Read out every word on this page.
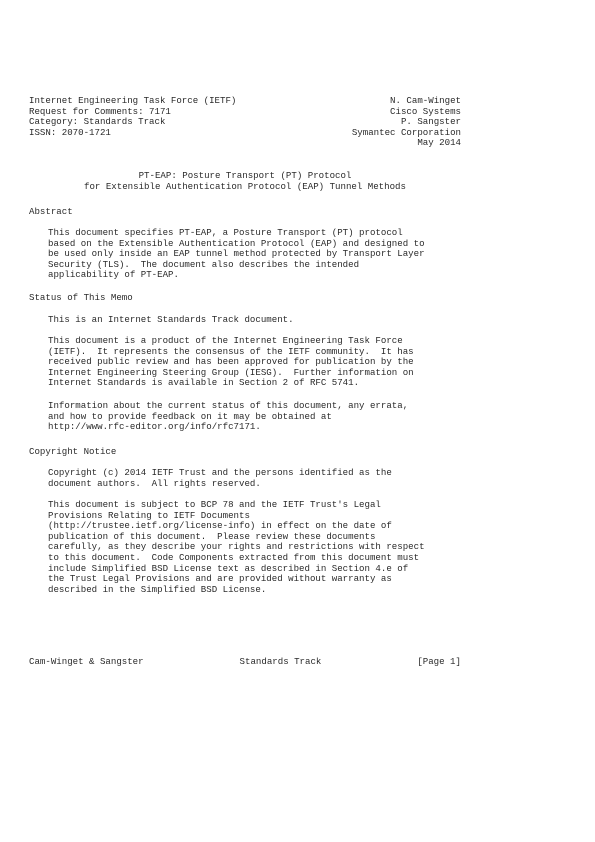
Internet Engineering Task Force (IETF)	N. Cam-Winget
Request for Comments: 7171	Cisco Systems
Category: Standards Track	P. Sangster
ISSN: 2070-1721	Symantec Corporation
May 2014
PT-EAP: Posture Transport (PT) Protocol
for Extensible Authentication Protocol (EAP) Tunnel Methods
Abstract
This document specifies PT-EAP, a Posture Transport (PT) protocol
based on the Extensible Authentication Protocol (EAP) and designed to
be used only inside an EAP tunnel method protected by Transport Layer
Security (TLS).  The document also describes the intended
applicability of PT-EAP.
Status of This Memo
This is an Internet Standards Track document.
This document is a product of the Internet Engineering Task Force
(IETF).  It represents the consensus of the IETF community.  It has
received public review and has been approved for publication by the
Internet Engineering Steering Group (IESG).  Further information on
Internet Standards is available in Section 2 of RFC 5741.
Information about the current status of this document, any errata,
and how to provide feedback on it may be obtained at
http://www.rfc-editor.org/info/rfc7171.
Copyright Notice
Copyright (c) 2014 IETF Trust and the persons identified as the
document authors.  All rights reserved.
This document is subject to BCP 78 and the IETF Trust's Legal
Provisions Relating to IETF Documents
(http://trustee.ietf.org/license-info) in effect on the date of
publication of this document.  Please review these documents
carefully, as they describe your rights and restrictions with respect
to this document.  Code Components extracted from this document must
include Simplified BSD License text as described in Section 4.e of
the Trust Legal Provisions and are provided without warranty as
described in the Simplified BSD License.
Cam-Winget & Sangster	Standards Track	[Page 1]
